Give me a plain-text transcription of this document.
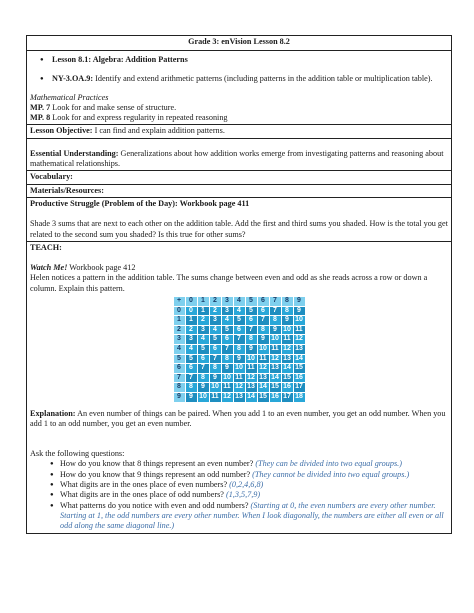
Grade 3: enVision Lesson 8.2
● Lesson 8.1: Algebra: Addition Patterns
● NY-3.OA.9: Identify and extend arithmetic patterns (including patterns in the addition table or multiplication table).
Mathematical Practices
MP. 7 Look for and make sense of structure.
MP. 8 Look for and express regularity in repeated reasoning
Lesson Objective: I can find and explain addition patterns.
Essential Understanding: Generalizations about how addition works emerge from investigating patterns and reasoning about mathematical relationships.
Vocabulary:
Materials/Resources:
Productive Struggle (Problem of the Day): Workbook page 411
Shade 3 sums that are next to each other on the addition table. Add the first and third sums you shaded. How is the total you get related to the second sum you shaded? Is this true for other sums?
TEACH:
Watch Me! Workbook page 412
Helen notices a pattern in the addition table. The sums change between even and odd as she reads across a row or down a column. Explain this pattern.
+	0	1	2	3	4	5	6	7	8	9
0	0	1	2	3	4	5	6	7	8	9
1	1	2	3	4	5	6	7	8	9	10
2	2	3	4	5	6	7	8	9	10	11
3	3	4	5	6	7	8	9	10	11	12
4	4	5	6	7	8	9	10	11	12	13
5	5	6	7	8	9	10	11	12	13	14
6	6	7	8	9	10	11	12	13	14	15
7	7	8	9	10	11	12	13	14	15	16
8	8	9	10	11	12	13	14	15	16	17
9	9	10	11	12	13	14	15	16	17	18
Explanation: An even number of things can be paired. When you add 1 to an even number, you get an odd number. When you add 1 to an odd number, you get an even number.
Ask the following questions:
● How do you know that 8 things represent an even number? (They can be divided into two equal groups.)
● How do you know that 9 things represent an odd number? (They cannot be divided into two equal groups.)
● What digits are in the ones place of even numbers? (0,2,4,6,8)
● What digits are in the ones place of odd numbers? (1,3,5,7,9)
● What patterns do you notice with even and odd numbers? (Starting at 0, the even numbers are every other number. Starting at 1, the odd numbers are every other number. When I look diagonally, the numbers are either all even or all odd along the same diagonal line.)
